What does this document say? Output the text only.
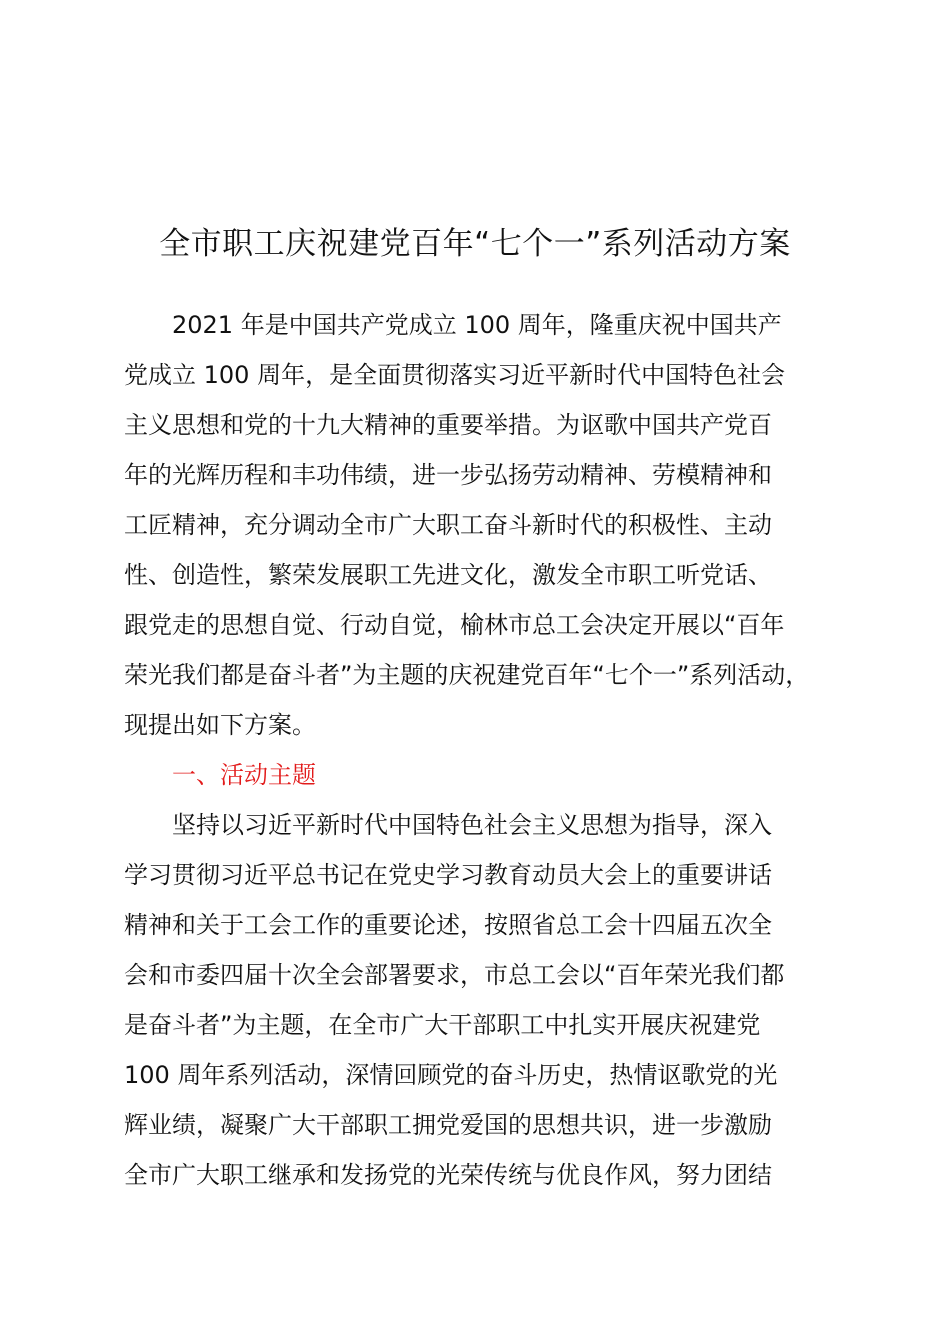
全市职工庆祝建党百年“七个一”系列活动方案
2021 年是中国共产党成立 100 周年，隆重庆祝中国共产
党成立 100 周年，是全面贯彻落实习近平新时代中国特色社会
主义思想和党的十九大精神的重要举措。为讴歌中国共产党百
年的光辉历程和丰功伟绩，进一步弘扬劳动精神、劳模精神和
工匠精神，充分调动全市广大职工奋斗新时代的积极性、主动
性、创造性，繁荣发展职工先进文化，激发全市职工听党话、
跟党走的思想自觉、行动自觉，榆林市总工会决定开展以“百年
荣光我们都是奋斗者”为主题的庆祝建党百年“七个一”系列活动，
现提出如下方案。
一、活动主题
坚持以习近平新时代中国特色社会主义思想为指导，深入
学习贯彻习近平总书记在党史学习教育动员大会上的重要讲话
精神和关于工会工作的重要论述，按照省总工会十四届五次全
会和市委四届十次全会部署要求，市总工会以“百年荣光我们都
是奋斗者”为主题，在全市广大干部职工中扎实开展庆祝建党
100 周年系列活动，深情回顾党的奋斗历史，热情讴歌党的光
辉业绩，凝聚广大干部职工拥党爱国的思想共识，进一步激励
全市广大职工继承和发扬党的光荣传统与优良作风，努力团结
